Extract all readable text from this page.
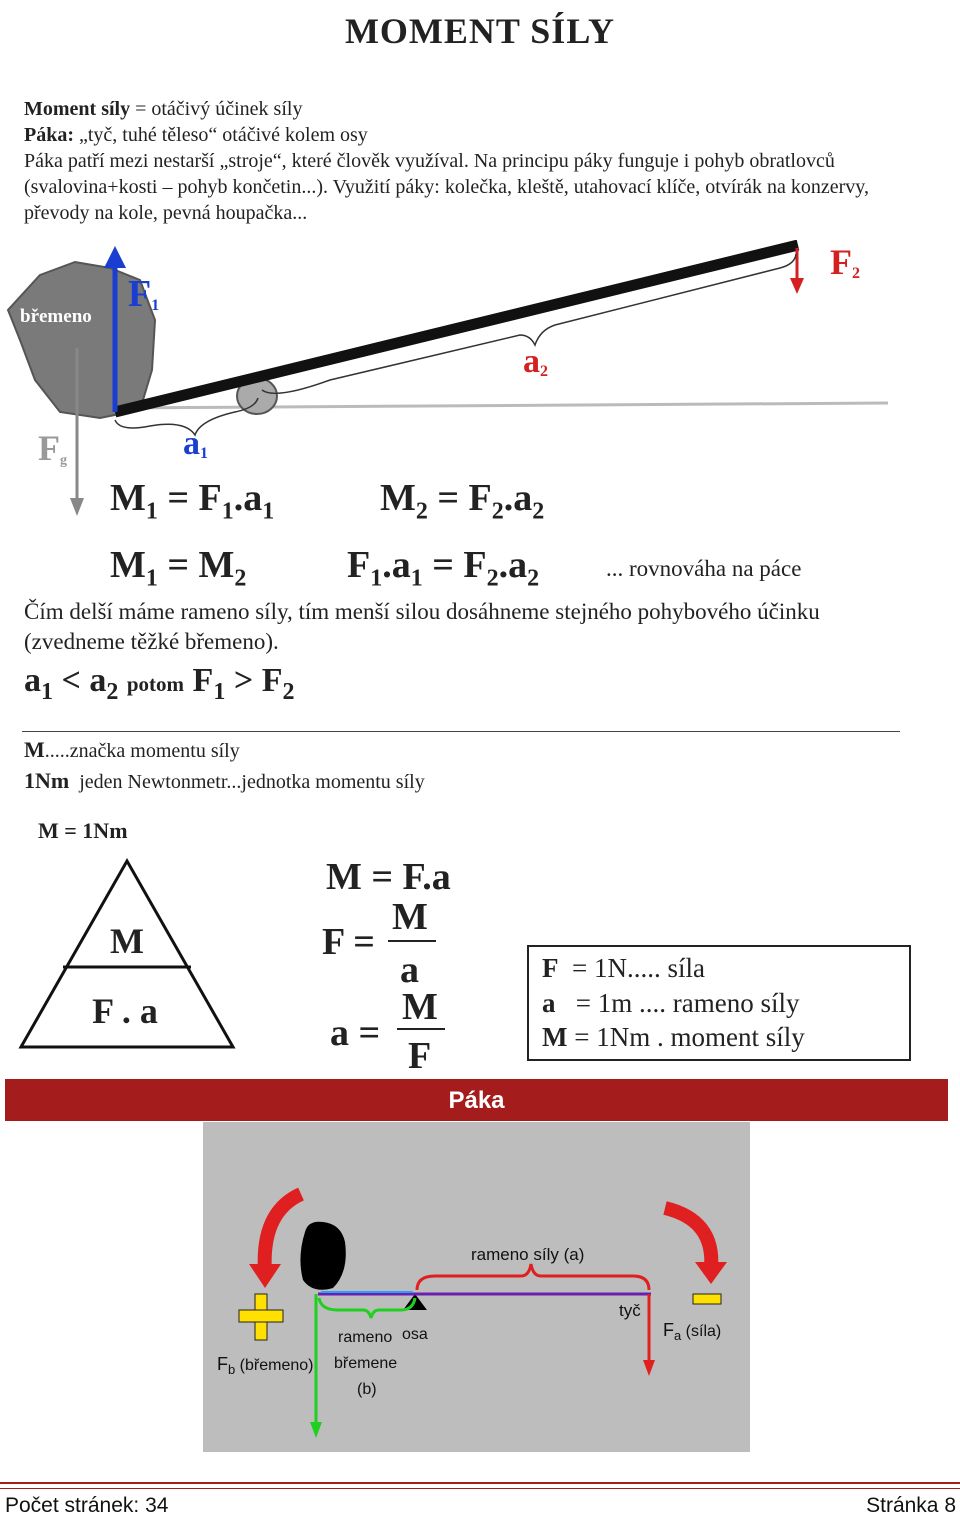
MOMENT SÍLY
Moment síly = otáčivý účinek síly
Páka: „tyč, tuhé těleso“ otáčivé kolem osy
Páka patří mezi nestarší „stroje“, které člověk využíval. Na principu páky funguje i pohyb obratlovců (svalovina+kosti – pohyb končetin...). Využití páky: kolečka, kleště, utahovací klíče, otvírák na konzervy, převody na kole, pevná houpačka...
břemeno
F1
F2
Fg	a1
a2
$M_1 = F_1.a_1$	$M_2 = F_2.a_2$
$M_1 = M_2$	$F_1.a_1 = F_2.a_2$	... rovnováha na páce
Čím delší máme rameno síly, tím menší silou dosáhneme stejného pohybového účinku (zvedneme těžké břemeno).
$a_1 < a_2$ potom $F_1 > F_2$
M.....značka momentu síly
1Nm jeden Newtonmetr...jednotka momentu síly
M = 1Nm
M
F . a
M = F.a
F =
M
a
a =
M
F
F = 1N..... síla
a = 1m .... rameno síly
M = 1Nm . moment síly
Páka
rameno síly (a)
tyč
$F_a$ (síla)
rameno
břemene
(b)
osa
$F_b$ (břemeno)
Počet stránek: 34	Stránka 8
